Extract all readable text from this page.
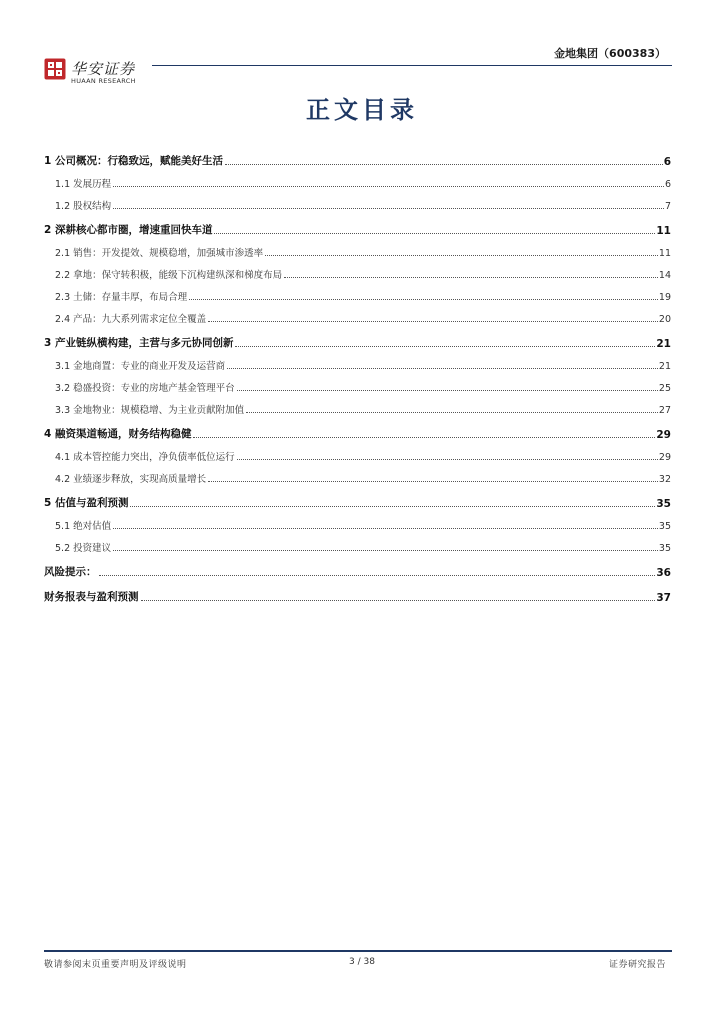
华安证券
HUAAN RESEARCH
金地集团（600383）
正文目录
1 公司概况：行稳致远，赋能美好生活	6
1.1 发展历程	6
1.2 股权结构	7
2 深耕核心都市圈，增速重回快车道	11
2.1 销售：开发提效、规模稳增，加强城市渗透率	11
2.2 拿地：保守转积极，能级下沉构建纵深和梯度布局	14
2.3 土储：存量丰厚，布局合理	19
2.4 产品：九大系列需求定位全覆盖	20
3 产业链纵横构建，主营与多元协同创新	21
3.1 金地商置：专业的商业开发及运营商	21
3.2 稳盛投资：专业的房地产基金管理平台	25
3.3 金地物业：规模稳增、为主业贡献附加值	27
4 融资渠道畅通，财务结构稳健	29
4.1 成本管控能力突出，净负债率低位运行	29
4.2 业绩逐步释放，实现高质量增长	32
5 估值与盈利预测	35
5.1 绝对估值	35
5.2 投资建议	35
风险提示：	36
财务报表与盈利预测	37
敬请参阅末页重要声明及评级说明	3 / 38	证券研究报告
